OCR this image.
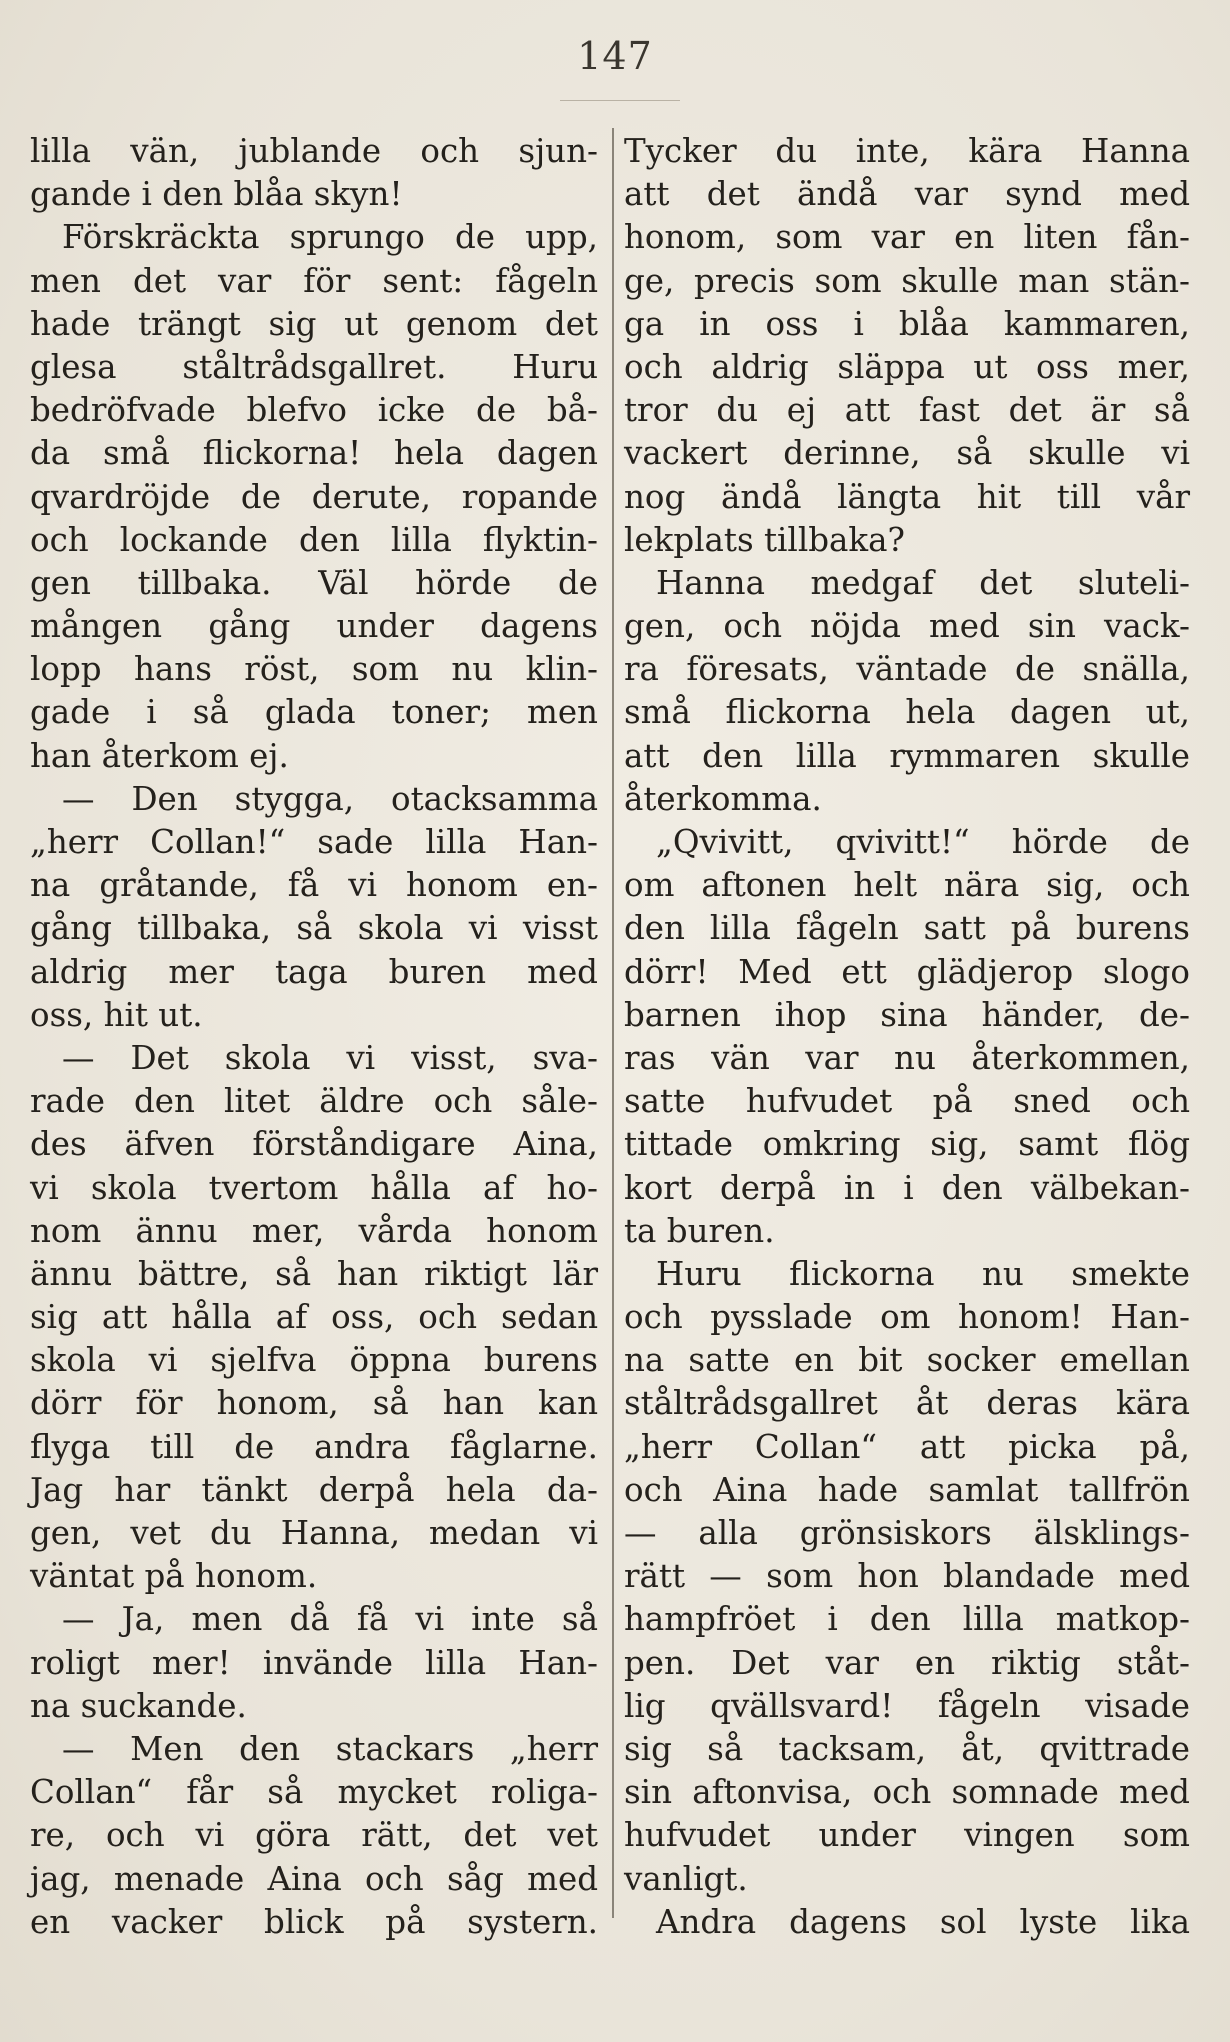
147
lilla vän, jublande och sjun-
gande i den blåa skyn!
Förskräckta sprungo de upp,
men det var för sent: fågeln
hade trängt sig ut genom det
glesa ståltrådsgallret. Huru
bedröfvade blefvo icke de bå-
da små flickorna! hela dagen
qvardröjde de derute, ropande
och lockande den lilla flyktin-
gen tillbaka. Väl hörde de
mången gång under dagens
lopp hans röst, som nu klin-
gade i så glada toner; men
han återkom ej.
— Den stygga, otacksamma
„herr Collan!“ sade lilla Han-
na gråtande, få vi honom en-
gång tillbaka, så skola vi visst
aldrig mer taga buren med
oss, hit ut.
— Det skola vi visst, sva-
rade den litet äldre och såle-
des äfven förståndigare Aina,
vi skola tvertom hålla af ho-
nom ännu mer, vårda honom
ännu bättre, så han riktigt lär
sig att hålla af oss, och sedan
skola vi sjelfva öppna burens
dörr för honom, så han kan
flyga till de andra fåglarne.
Jag har tänkt derpå hela da-
gen, vet du Hanna, medan vi
väntat på honom.
— Ja, men då få vi inte så
roligt mer! invände lilla Han-
na suckande.
— Men den stackars „herr
Collan“ får så mycket roliga-
re, och vi göra rätt, det vet
jag, menade Aina och såg med
en vacker blick på systern.
Tycker du inte, kära Hanna
att det ändå var synd med
honom, som var en liten fån-
ge, precis som skulle man stän-
ga in oss i blåa kammaren,
och aldrig släppa ut oss mer,
tror du ej att fast det är så
vackert derinne, så skulle vi
nog ändå längta hit till vår
lekplats tillbaka?
Hanna medgaf det sluteli-
gen, och nöjda med sin vack-
ra föresats, väntade de snälla,
små flickorna hela dagen ut,
att den lilla rymmaren skulle
återkomma.
„Qvivitt, qvivitt!“ hörde de
om aftonen helt nära sig, och
den lilla fågeln satt på burens
dörr! Med ett glädjerop slogo
barnen ihop sina händer, de-
ras vän var nu återkommen,
satte hufvudet på sned och
tittade omkring sig, samt flög
kort derpå in i den välbekan-
ta buren.
Huru flickorna nu smekte
och pysslade om honom! Han-
na satte en bit socker emellan
ståltrådsgallret åt deras kära
„herr Collan“ att picka på,
och Aina hade samlat tallfrön
— alla grönsiskors älsklings-
rätt — som hon blandade med
hampfröet i den lilla matkop-
pen. Det var en riktig ståt-
lig qvällsvard! fågeln visade
sig så tacksam, åt, qvittrade
sin aftonvisa, och somnade med
hufvudet under vingen som
vanligt.
Andra dagens sol lyste lika
